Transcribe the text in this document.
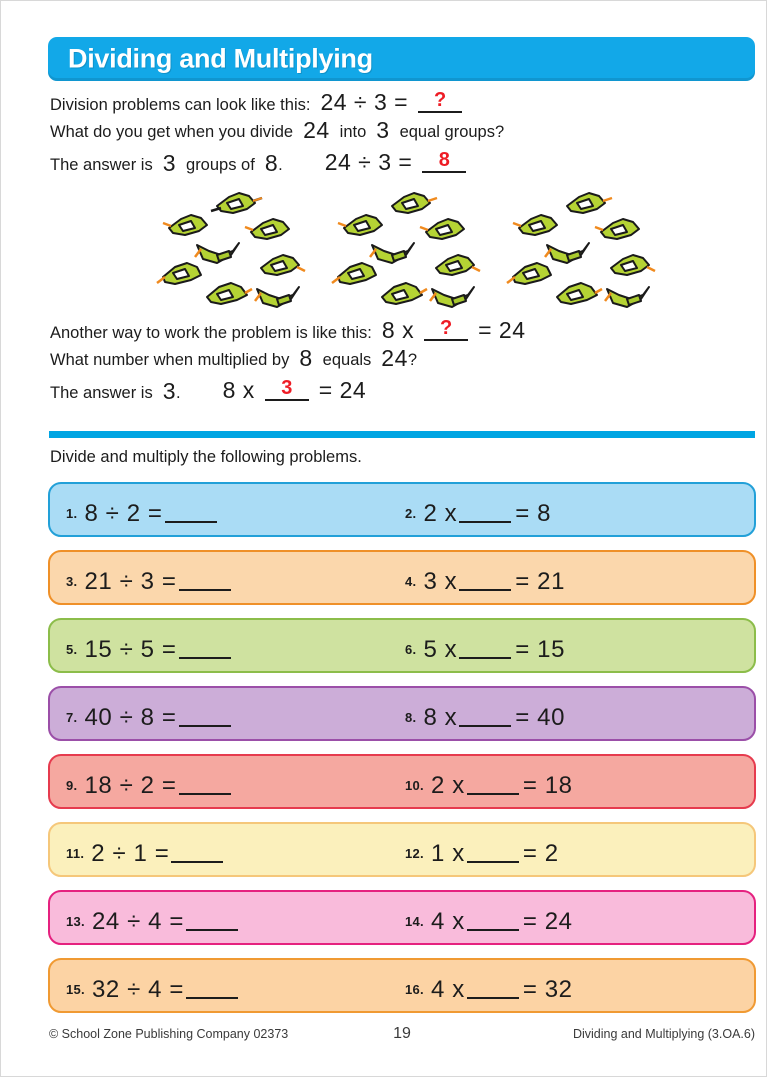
Dividing and Multiplying
Division problems can look like this: 24 ÷ 3 =	?
What do you get when you divide 24 into 3 equal groups?
The answer is 3 groups of 8. 24 ÷ 3 =	8
Another way to work the problem is like this: 8 x	?	= 24
What number when multiplied by 8 equals 24?
The answer is 3. 8 x	3	= 24
Divide and multiply the following problems.
1. 8 ÷ 2 =	2. 2 x = 8
3. 21 ÷ 3 =	4. 3 x = 21
5. 15 ÷ 5 =	6. 5 x = 15
7. 40 ÷ 8 =	8. 8 x = 40
9. 18 ÷ 2 =	10. 2 x = 18
11. 2 ÷ 1 =	12. 1 x = 2
13. 24 ÷ 4 =	14. 4 x = 24
15. 32 ÷ 4 =	16. 4 x = 32
© School Zone Publishing Company 02373	19	Dividing and Multiplying (3.OA.6)
